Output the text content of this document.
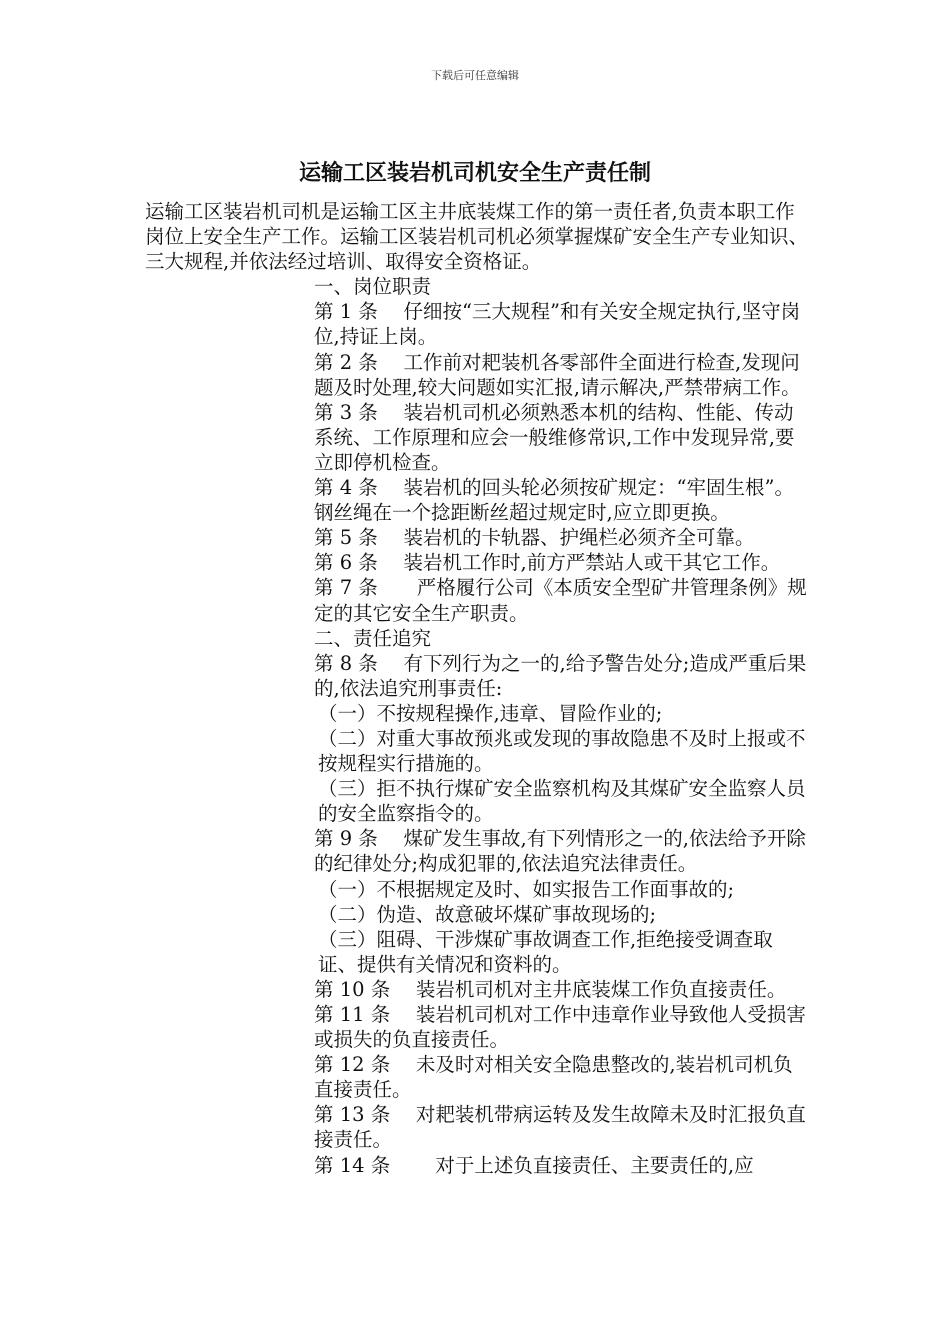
下载后可任意编辑
运输工区装岩机司机安全生产责任制

运输工区装岩机司机是运输工区主井底装煤工作的第一责任者,负责本职工作岗位上安全生产工作。运输工区装岩机司机必须掌握煤矿安全生产专业知识、三大规程,并依法经过培训、取得安全资格证。

一、岗位职责

第 1 条　 仔细按“三大规程”和有关安全规定执行,坚守岗位,持证上岗。

第 2 条　 工作前对耙装机各零部件全面进行检查,发现问题及时处理,较大问题如实汇报,请示解决,严禁带病工作。

第 3 条　 装岩机司机必须熟悉本机的结构、性能、传动系统、工作原理和应会一般维修常识,工作中发现异常,要立即停机检查。

第 4 条　 装岩机的回头轮必须按矿规定：“牢固生根”。钢丝绳在一个捻距断丝超过规定时,应立即更换。

第 5 条　 装岩机的卡轨器、护绳栏必须齐全可靠。

第 6 条　 装岩机工作时,前方严禁站人或干其它工作。

第 7 条　　严格履行公司《本质安全型矿井管理条例》规定的其它安全生产职责。

二、责任追究

第 8 条　 有下列行为之一的,给予警告处分;造成严重后果的,依法追究刑事责任:

（一）不按规程操作,违章、冒险作业的;

（二）对重大事故预兆或发现的事故隐患不及时上报或不按规程实行措施的。

（三）拒不执行煤矿安全监察机构及其煤矿安全监察人员的安全监察指令的。

第 9 条　 煤矿发生事故,有下列情形之一的,依法给予开除的纪律处分;构成犯罪的,依法追究法律责任。

（一）不根据规定及时、如实报告工作面事故的;

（二）伪造、故意破坏煤矿事故现场的;

（三）阻碍、干涉煤矿事故调查工作,拒绝接受调查取证、提供有关情况和资料的。

第 10 条　 装岩机司机对主井底装煤工作负直接责任。

第 11 条　 装岩机司机对工作中违章作业导致他人受损害或损失的负直接责任。

第 12 条　 未及时对相关安全隐患整改的,装岩机司机负直接责任。

第 13 条　 对耙装机带病运转及发生故障未及时汇报负直接责任。

第 14 条　　 对于上述负直接责任、主要责任的,应
